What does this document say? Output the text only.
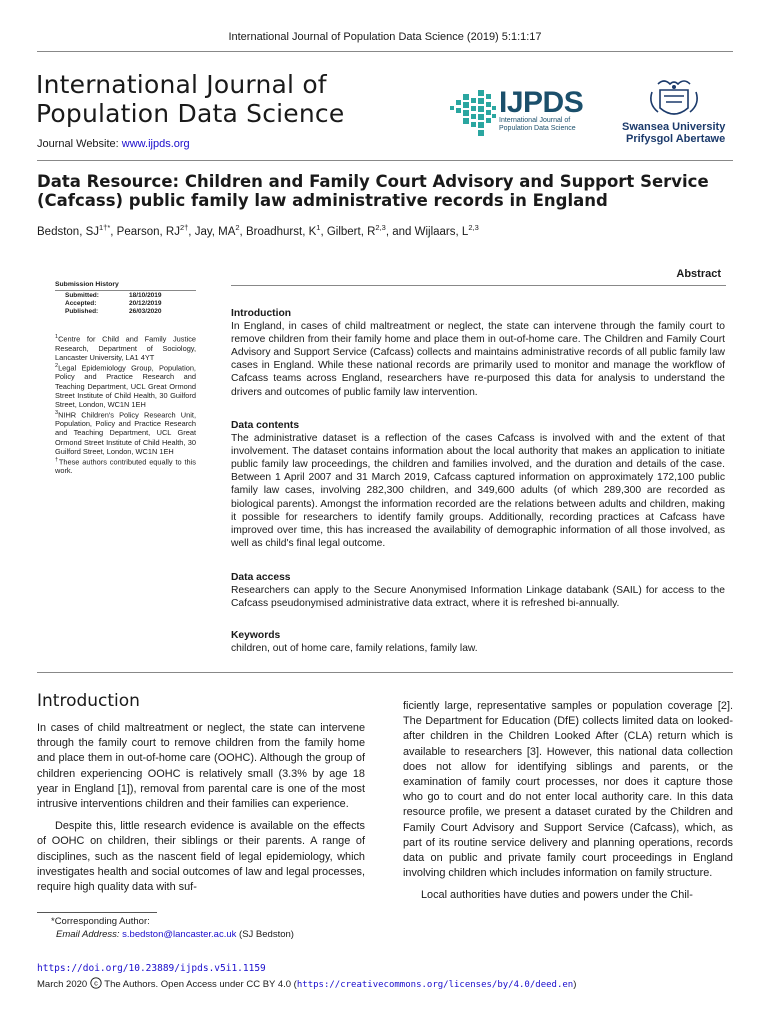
International Journal of Population Data Science (2019) 5:1:1:17
International Journal of
Population Data Science
Journal Website: www.ijpds.org
IJPDS
International Journal of
Population Data Science	Swansea University
Prifysgol Abertawe
Data Resource: Children and Family Court Advisory and Support Service (Cafcass) public family law administrative records in England
Bedston, $SJ^{1\dagger*}$, Pearson, $RJ^{2\dagger}$, Jay, $MA^2$, Broadhurst, $K^1$, Gilbert, R$^{2,3}$, and Wijlaars, L$^{2,3}$
Abstract
Submission History
Submitted:	18/10/2019
Accepted:	20/12/2019
Published:	26/03/2020

$^1$Centre for Child and Family Justice Research, Department of Sociology, Lancaster University, LA1 4YT

$^2$Legal Epidemiology Group, Population, Policy and Practice Research and Teaching Department, UCL Great Ormond Street Institute of Child Health, 30 Guilford Street, London, WC1N 1EH

$^3$NIHR Children's Policy Research Unit, Population, Policy and Practice Research and Teaching Department, UCL Great Ormond Street Institute of Child Health, 30 Guilford Street, London, WC1N 1EH

†These authors contributed equally to this work.

Introduction

In England, in cases of child maltreatment or neglect, the state can intervene through the family court to remove children from their family home and place them in out-of-home care. The Children and Family Court Advisory and Support Service (Cafcass) collects and maintains administrative records of all public family law cases in England. While these national records are primarily used to monitor and manage the workflow of Cafcass teams across England, researchers have re-purposed this data for analysis to understand the drivers and outcomes of public family law intervention.

Data contents

The administrative dataset is a reflection of the cases Cafcass is involved with and the extent of that involvement. The dataset contains information about the local authority that makes an application to initiate public family law proceedings, the children and families involved, and the duration and details of the case. Between 1 April 2007 and 31 March 2019, Cafcass captured information on approximately 172,100 public family law cases, involving 282,300 children, and 349,600 adults (of which 289,300 are recorded as biological parents). Amongst the information recorded are the relations between adults and children, making it possible for researchers to identify family groups. Additionally, recording practices at Cafcass have improved over time, this has increased the availability of demographic information of all those involved, as well as child's final legal outcome.

Data access

Researchers can apply to the Secure Anonymised Information Linkage databank (SAIL) for access to the Cafcass pseudonymised administrative data extract, where it is refreshed bi-annually.

Keywords

children, out of home care, family relations, family law.

Introduction

In cases of child maltreatment or neglect, the state can intervene through the family court to remove children from the family home and place them in out-of-home care (OOHC). Although the group of children experiencing OOHC is relatively small (3.3% by age 18 year in England [1]), removal from parental care is one of the most intrusive interventions children and their families can experience.

Despite this, little research evidence is available on the effects of OOHC on children, their siblings or their parents. A range of disciplines, such as the nascent field of legal epidemiology, which investigates health and social outcomes of law and legal processes, require high quality data with suf-

ficiently large, representative samples or population coverage [2]. The Department for Education (DfE) collects limited data on looked-after children in the Children Looked After (CLA) return which is available to researchers [3]. However, this national data collection does not allow for identifying siblings and parents, or the examination of family court processes, nor does it capture those who go to court and do not enter local authority care. In this data resource profile, we present a dataset curated by the Children and Family Court Advisory and Support Service (Cafcass), which, as part of its routine service delivery and planning operations, records data on public and private family court proceedings in England involving children which includes information on family structure.

Local authorities have duties and powers under the Chil-

*Corresponding Author:
Email Address: s.bedston@lancaster.ac.uk (SJ Bedston)
https://doi.org/10.23889/ijpds.v5i1.1159
March 2020 c The Authors. Open Access under CC BY 4.0 (https://creativecommons.org/licenses/by/4.0/deed.en)
